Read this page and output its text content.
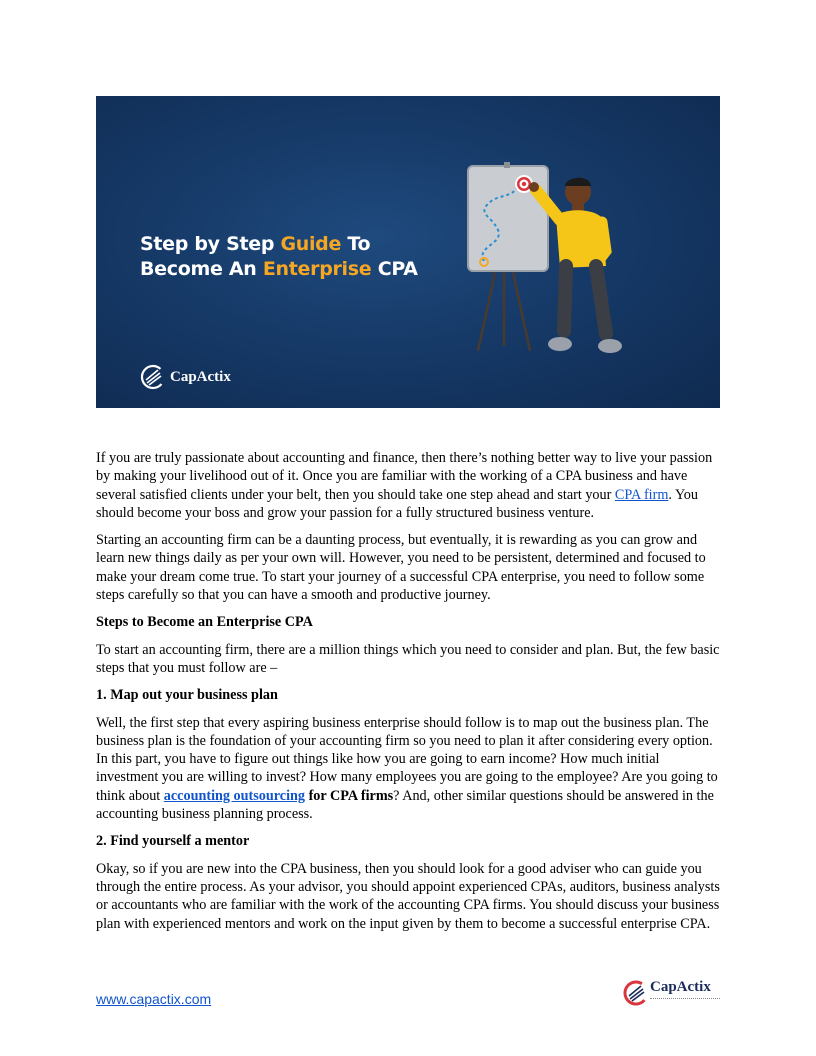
Step by Step Guide To
Become An Enterprise CPA
CapActix

If you are truly passionate about accounting and finance, then there’s nothing better way to live your passion by making your livelihood out of it. Once you are familiar with the working of a CPA business and have several satisfied clients under your belt, then you should take one step ahead and start your CPA firm. You should become your boss and grow your passion for a fully structured business venture.

Starting an accounting firm can be a daunting process, but eventually, it is rewarding as you can grow and learn new things daily as per your own will. However, you need to be persistent, determined and focused to make your dream come true. To start your journey of a successful CPA enterprise, you need to follow some steps carefully so that you can have a smooth and productive journey.

Steps to Become an Enterprise CPA

To start an accounting firm, there are a million things which you need to consider and plan. But, the few basic steps that you must follow are –

1. Map out your business plan

Well, the first step that every aspiring business enterprise should follow is to map out the business plan. The business plan is the foundation of your accounting firm so you need to plan it after considering every option. In this part, you have to figure out things like how you are going to earn income? How much initial investment you are willing to invest? How many employees you are going to the employee? Are you going to think about accounting outsourcing for CPA firms? And, other similar questions should be answered in the accounting business planning process.

2. Find yourself a mentor

Okay, so if you are new into the CPA business, then you should look for a good adviser who can guide you through the entire process. As your advisor, you should appoint experienced CPAs, auditors, business analysts or accountants who are familiar with the work of the accounting CPA firms. You should discuss your business plan with experienced mentors and work on the input given by them to become a successful enterprise CPA.

www.capactix.com
CapActix
